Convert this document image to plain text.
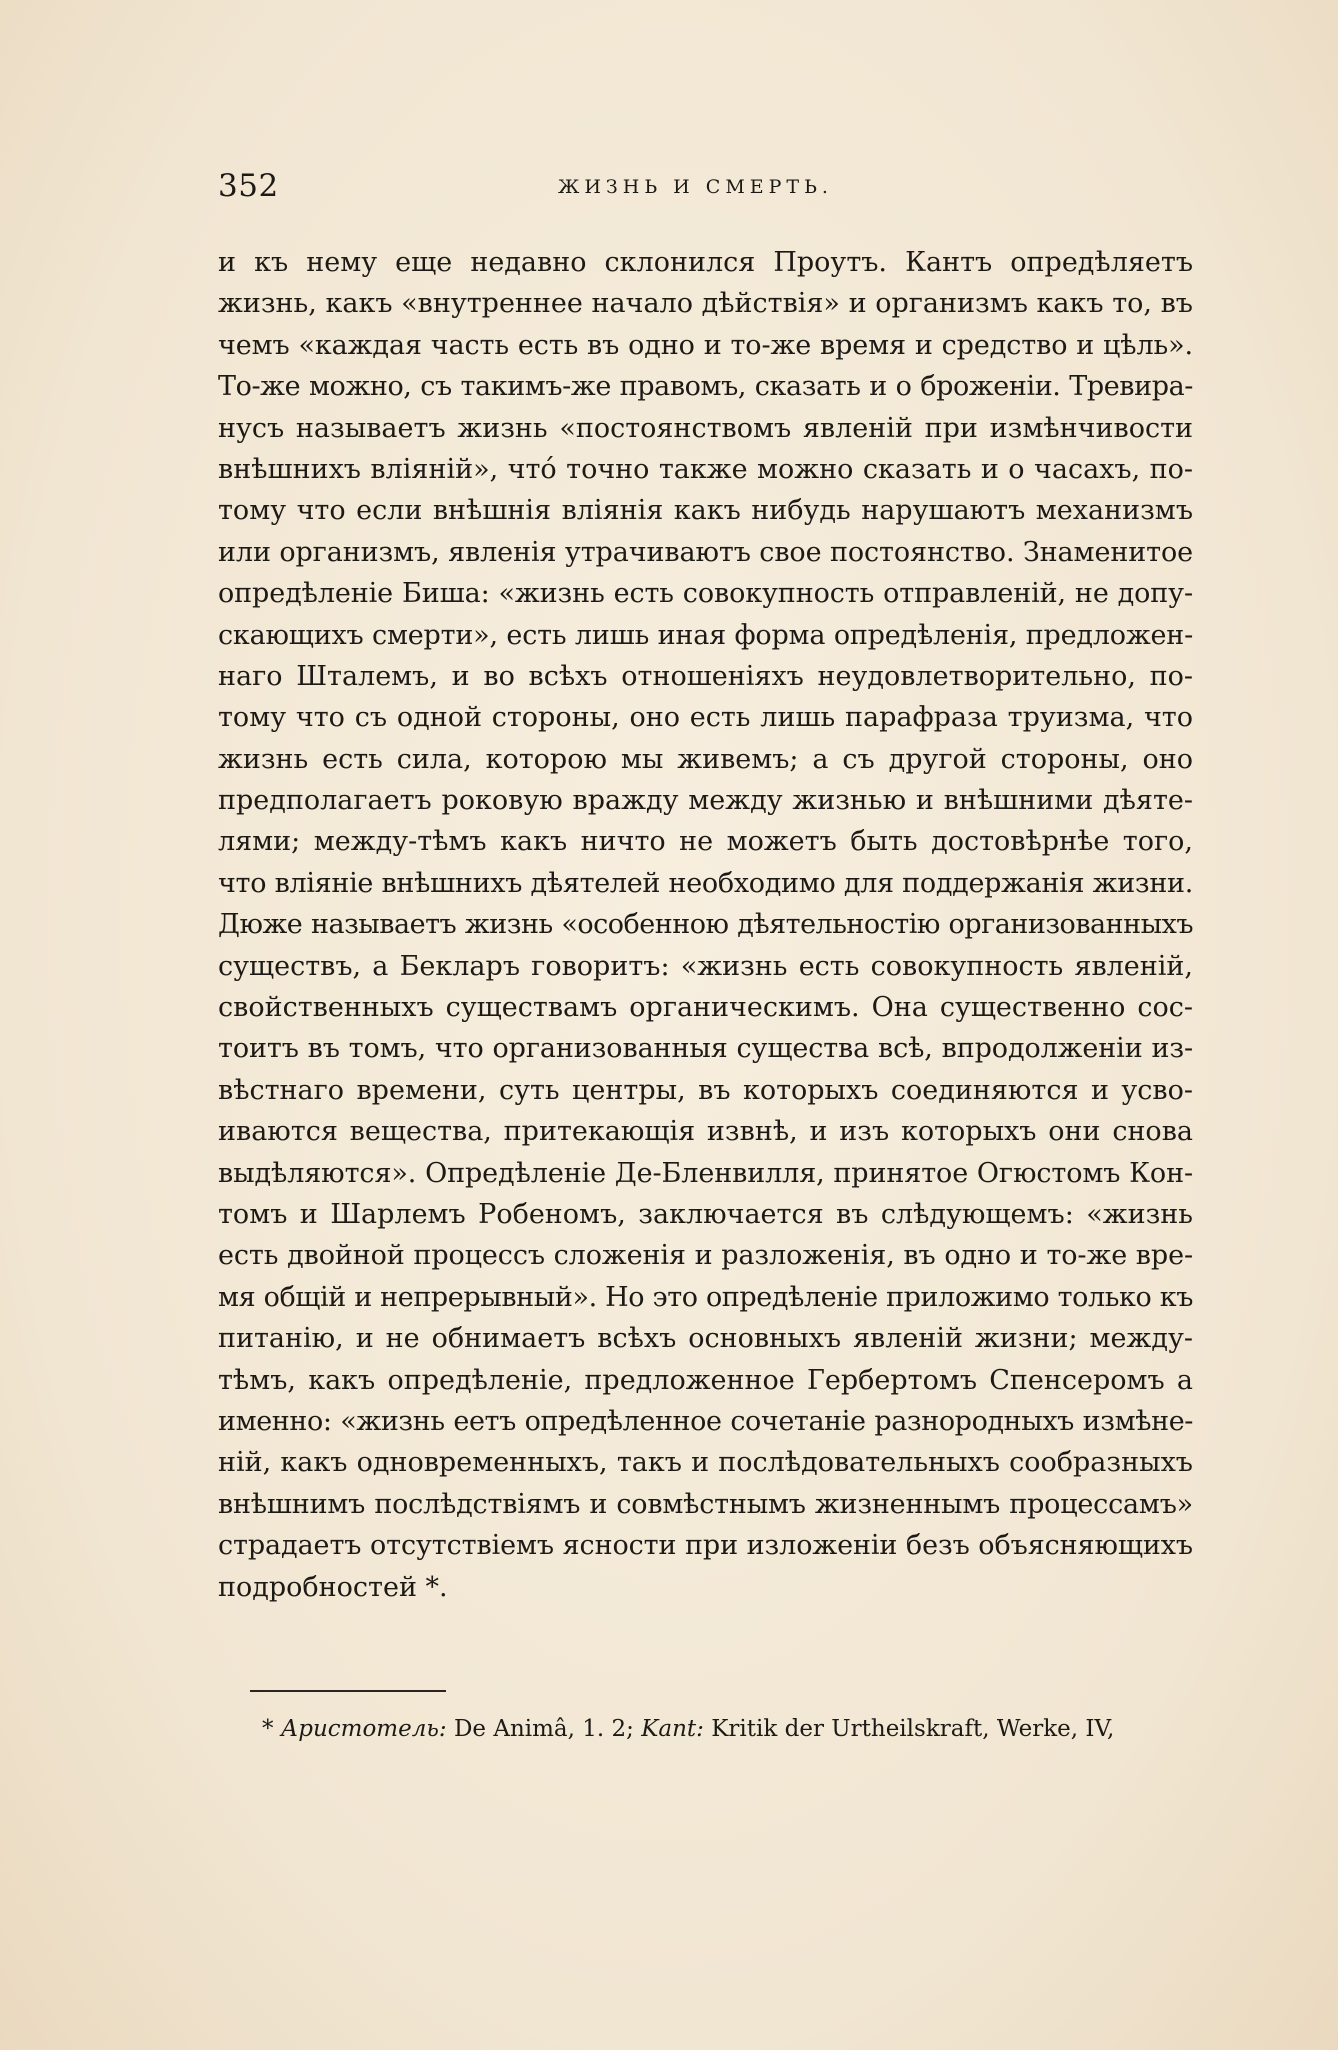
352	ЖИЗНЬ И СМЕРТЬ.
и къ нему еще недавно склонился Проутъ. Кантъ опредѣляетъ
жизнь, какъ «внутреннее начало дѣйствія» и организмъ какъ то, въ
чемъ «каждая часть есть въ одно и то-же время и средство и цѣль».
То-же можно, съ такимъ-же правомъ, сказать и о броженіи. Тревира-
нусъ называетъ жизнь «постоянствомъ явленій при измѣнчивости
внѣшнихъ вліяній», что́ точно также можно сказать и о часахъ, по-
тому что если внѣшнія вліянія какъ нибудь нарушаютъ механизмъ
или организмъ, явленія утрачиваютъ свое постоянство. Знаменитое
опредѣленіе Биша: «жизнь есть совокупность отправленій, не допу-
скающихъ смерти», есть лишь иная форма опредѣленія, предложен-
наго Шталемъ, и во всѣхъ отношеніяхъ неудовлетворительно, по-
тому что съ одной стороны, оно есть лишь парафраза труизма, что
жизнь есть сила, которою мы живемъ; а съ другой стороны, оно
предполагаетъ роковую вражду между жизнью и внѣшними дѣяте-
лями; между-тѣмъ какъ ничто не можетъ быть достовѣрнѣе того,
что вліяніе внѣшнихъ дѣятелей необходимо для поддержанія жизни.
Дюже называетъ жизнь «особенною дѣятельностію организованныхъ
существъ, а Бекларъ говоритъ: «жизнь есть совокупность явленій,
свойственныхъ существамъ органическимъ. Она существенно сос-
тоитъ въ томъ, что организованныя существа всѣ, впродолженіи из-
вѣстнаго времени, суть центры, въ которыхъ соединяются и усво-
иваются вещества, притекающія извнѣ, и изъ которыхъ они снова
выдѣляются». Опредѣленіе Де-Бленвилля, принятое Огюстомъ Кон-
томъ и Шарлемъ Робеномъ, заключается въ слѣдующемъ: «жизнь
есть двойной процессъ сложенія и разложенія, въ одно и то-же вре-
мя общій и непрерывный». Но это опредѣленіе приложимо только къ
питанію, и не обнимаетъ всѣхъ основныхъ явленій жизни; между-
тѣмъ, какъ опредѣленіе, предложенное Гербертомъ Спенсеромъ а
именно: «жизнь еетъ опредѣленное сочетаніе разнородныхъ измѣне-
ній, какъ одновременныхъ, такъ и послѣдовательныхъ сообразныхъ
внѣшнимъ послѣдствіямъ и совмѣстнымъ жизненнымъ процессамъ»
страдаетъ отсутствіемъ ясности при изложеніи безъ объясняющихъ
подробностей *.
* Аристотель: De Animâ, 1. 2; Kant: Kritik der Urtheilskraft, Werke, IV,
